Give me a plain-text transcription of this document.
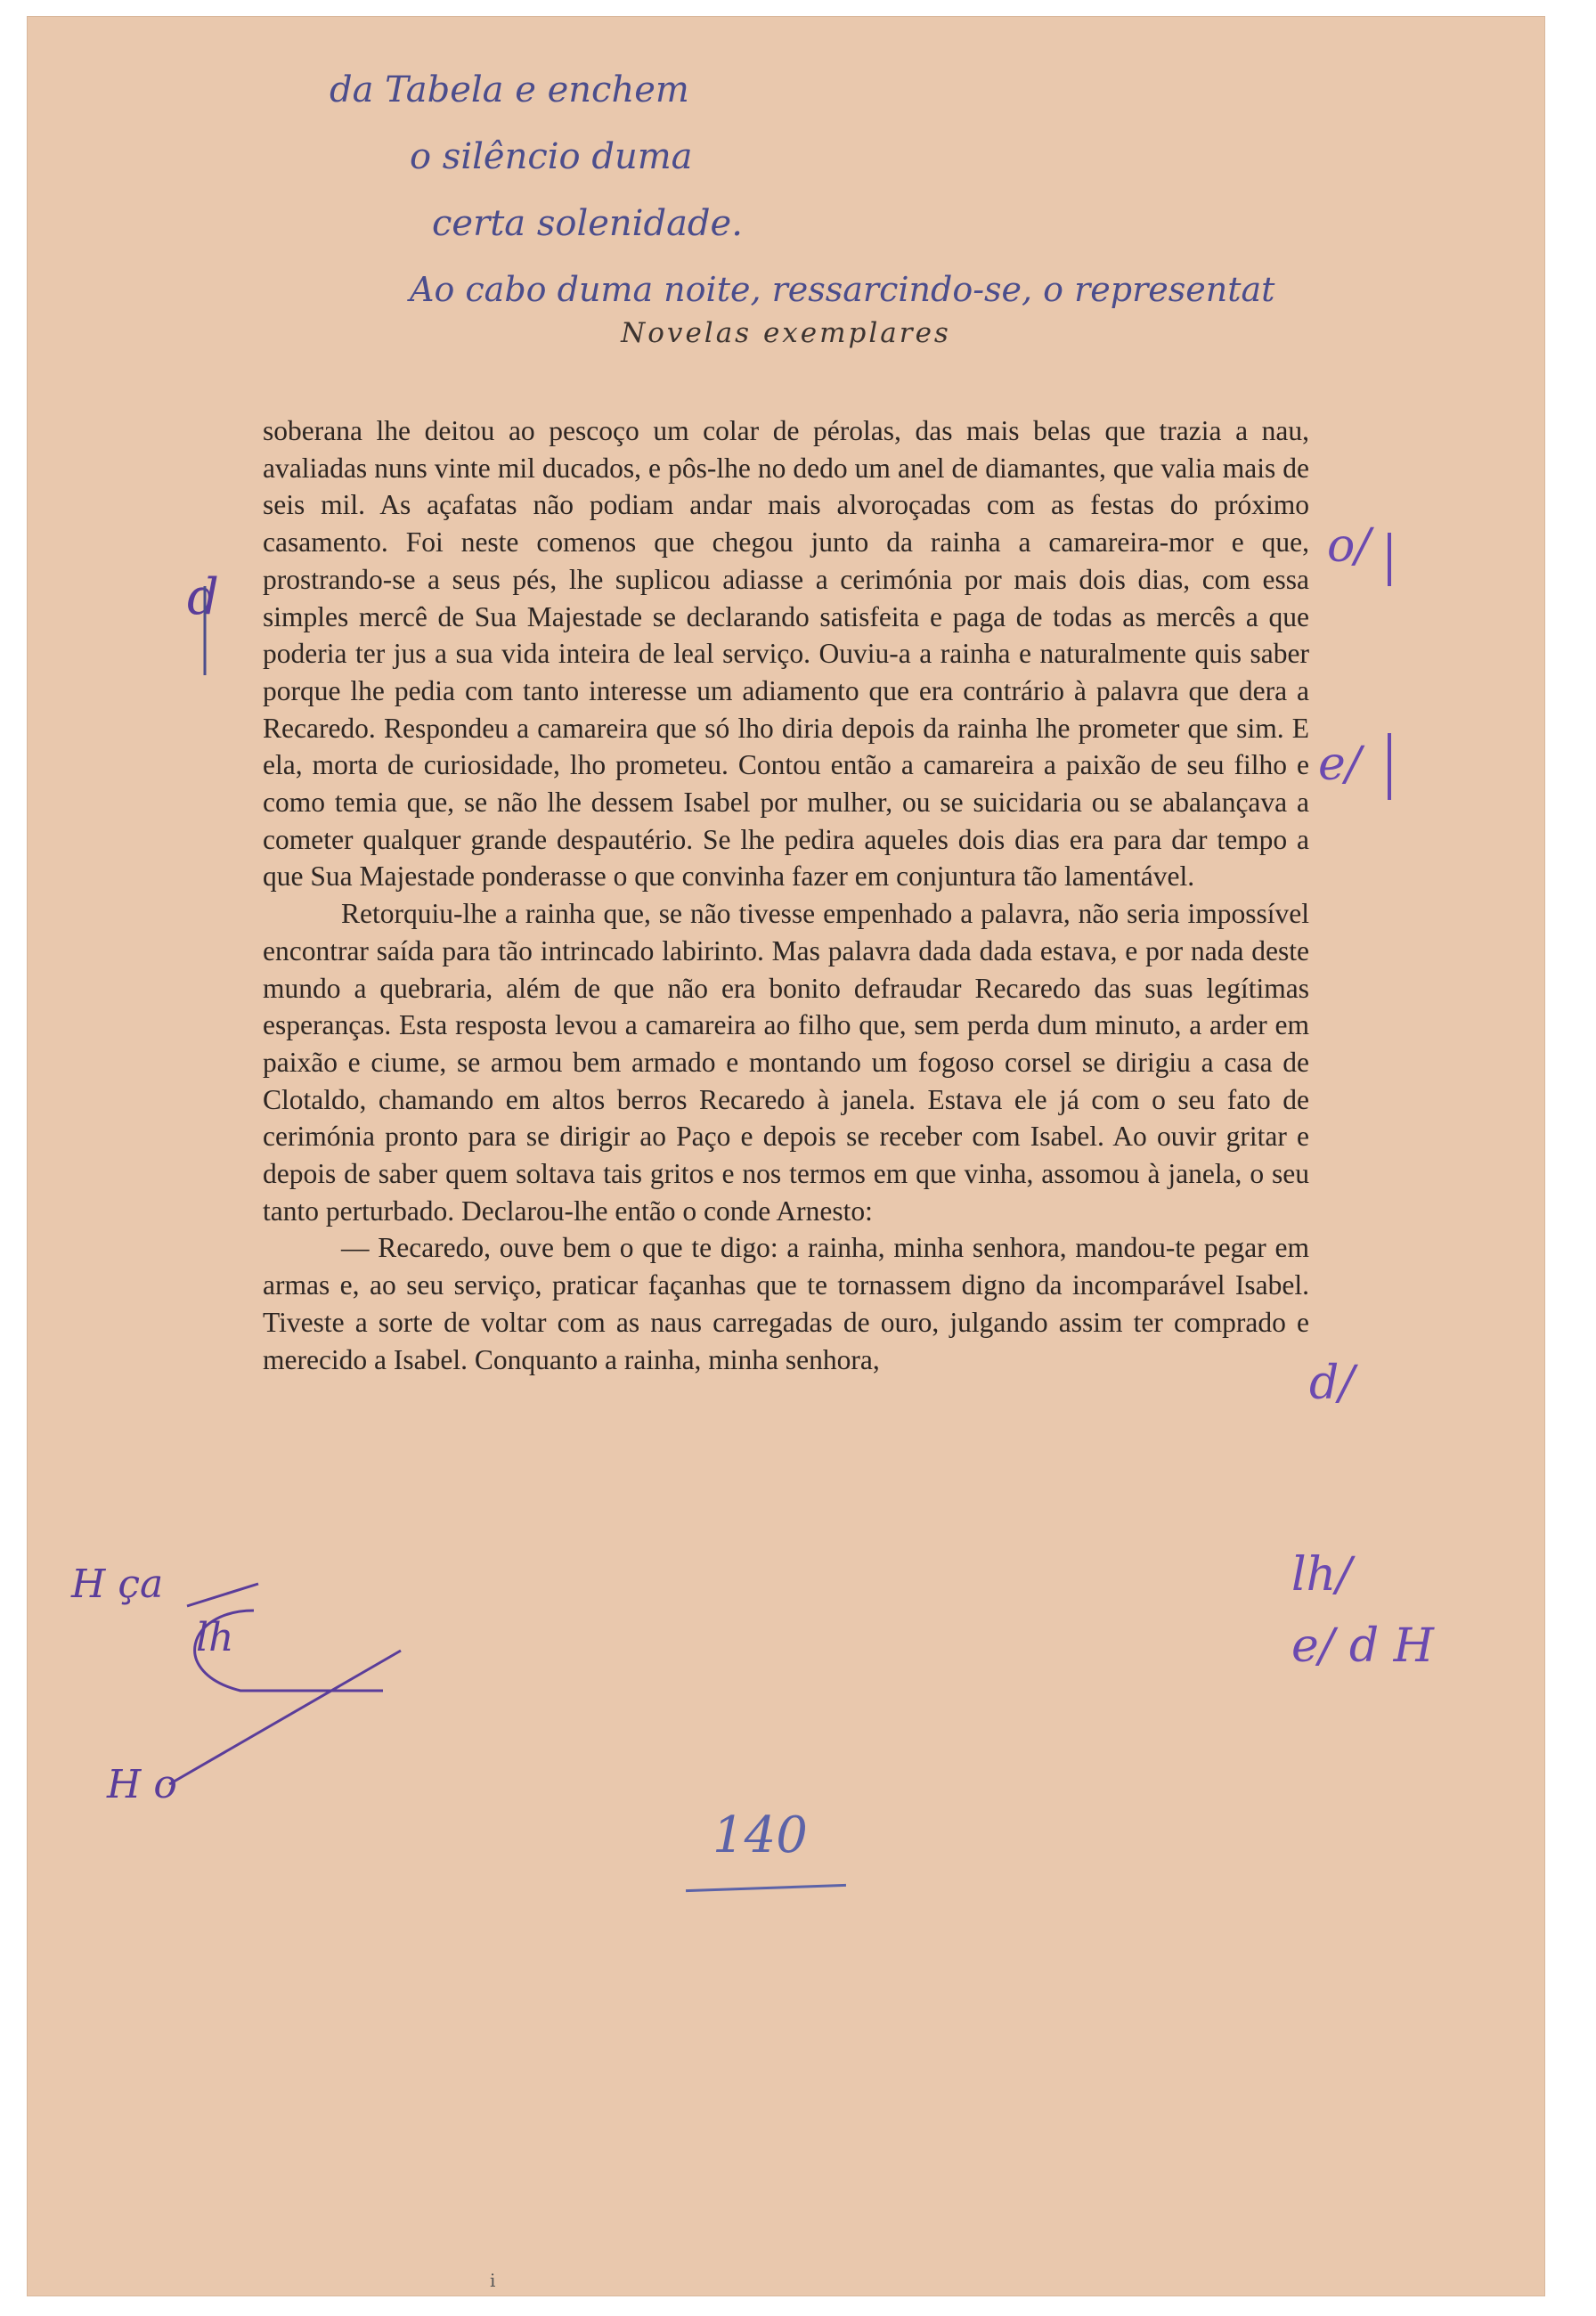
da Tabela e enchem
o silêncio duma
certa solenidade.
Ao cabo duma noite, ressarcindo-se, o representat
Novelas exemplares
d
H ça
lh
H o
o/
e/
d/
lh/
e/ d H

soberana lhe deitou ao pescoço um colar de pérolas, das mais belas que trazia a nau, avaliadas nuns vinte mil ducados, e pôs-lhe no dedo um anel de diamantes, que valia mais de seis mil. As açafatas não podiam andar mais alvoroçadas com as festas do próximo casamento. Foi neste comenos que chegou junto da rainha a camareira-mor e que, prostrando-se a seus pés, lhe suplicou adiasse a cerimónia por mais dois dias, com essa simples mercê de Sua Majestade se declarando satisfeita e paga de todas as mercês a que poderia ter jus a sua vida inteira de leal serviço. Ouviu-a a rainha e naturalmente quis saber porque lhe pedia com tanto interesse um adiamento que era contrário à palavra que dera a Recaredo. Respondeu a camareira que só lho diria depois da rainha lhe prometer que sim. E ela, morta de curiosidade, lho prometeu. Contou então a camareira a paixão de seu filho e como temia que, se não lhe dessem Isabel por mulher, ou se suicidaria ou se abalançava a cometer qualquer grande despautério. Se lhe pedira aqueles dois dias era para dar tempo a que Sua Majestade ponderasse o que convinha fazer em conjuntura tão lamentável.

Retorquiu-lhe a rainha que, se não tivesse empenhado a palavra, não seria impossível encontrar saída para tão intrincado labirinto. Mas palavra dada dada estava, e por nada deste mundo a quebraria, além de que não era bonito defraudar Recaredo das suas legítimas esperanças. Esta resposta levou a camareira ao filho que, sem perda dum minuto, a arder em paixão e ciume, se armou bem armado e montando um fogoso corsel se dirigiu a casa de Clotaldo, chamando em altos berros Recaredo à janela. Estava ele já com o seu fato de cerimónia pronto para se dirigir ao Paço e depois se receber com Isabel. Ao ouvir gritar e depois de saber quem soltava tais gritos e nos termos em que vinha, assomou à janela, o seu tanto perturbado. Declarou-lhe então o conde Arnesto:

— Recaredo, ouve bem o que te digo: a rainha, minha senhora, mandou-te pegar em armas e, ao seu serviço, praticar façanhas que te tornassem digno da incomparável Isabel. Tiveste a sorte de voltar com as naus carregadas de ouro, julgando assim ter comprado e merecido a Isabel. Conquanto a rainha, minha senhora,

140
i
